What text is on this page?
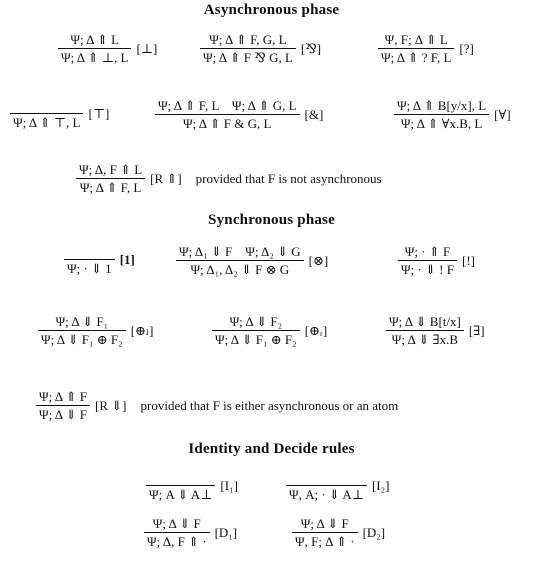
Asynchronous phase
Synchronous phase
Identity and Decide rules
$\frac{\Psi; \Delta ⇑ L}{\Psi; \Delta ⇑ \perp, L}$ [⊥]	$\frac{\Psi; \Delta ⇑ F, G, L}{\Psi; \Delta ⇑ F ⅋ G, L}$ [⅋]	$\frac{\Psi, F; \Delta ⇑ L}{\Psi; \Delta ⇑ ? F, L}$ [?]
Ψ; Δ ⇑ ⊤, L
[⊤]	$\frac{\text{Ψ; Δ ⇑ F, L    Ψ; Δ ⇑ G, L}}{\Psi; \Delta ⇑ F \& G, L}$ [&]	$\frac{\Psi; \Delta ⇑ B[y/x], L}{\Psi; \Delta ⇑ \forall x.B, L}$ [∀]
$\frac{\Psi; \Delta, F ⇑ L}{\Psi; \Delta ⇑ F, L} [R$ ⇑] provided that F is not asynchronous
Ψ; · ⇓ 1
[1]	$\frac{\text{Ψ; Δ₁ ⇓ F    Ψ; Δ₂ ⇓ G}}{\text{Ψ; Δ₁, Δ₂ ⇓ F ⊗ G}}$ [⊗]	$\frac{\Psi; \cdot ⇑ F}{\Psi; \cdot ⇓ ! F}$ [!]
$\frac{\text{Ψ; Δ ⇓ F₁}}{\text{Ψ; Δ ⇓ F₁ ⊕ F₂}}$ [⊕ₗ]	$\frac{\text{Ψ; Δ ⇓ F₂}}{\text{Ψ; Δ ⇓ F₁ ⊕ F₂}}$ [⊕ᵣ]	$\frac{\Psi; \Delta ⇓ B[t/x]}{\Psi; \Delta ⇓ \exists x.B}$ [∃]
$\frac{\Psi; \Delta ⇑ F}{\Psi; \Delta ⇓ F} [R$ ⇓] provided that F is either asynchronous or an atom
Ψ; A ⇓ A⊥
[I₁]
Ψ, A; · ⇓ A⊥
[I₂]
$\frac{\Psi; \Delta ⇓ F}{\Psi; \Delta, F ⇑ \cdot} [D_1]$	$\frac{\Psi; \Delta ⇓ F}{\Psi, F; \Delta ⇑ \cdot} [D_2]$
